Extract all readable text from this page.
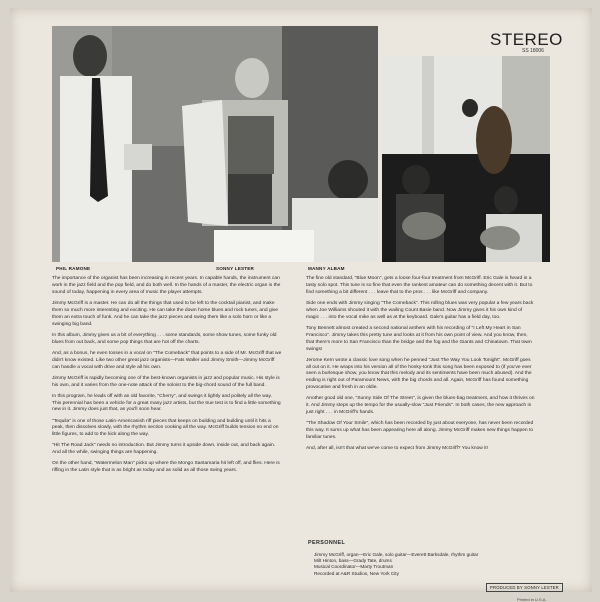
STEREO
SS 18006
PHIL RAMONE	SONNY LESTER	MANNY ALBAM

The importance of the organist has been increasing in recent years. In capable hands, the instrument can work in the jazz field and the pop field, and do both well. In the hands of a master, the electric organ is the sound of today, happening in every area of music the player attempts.

Jimmy McGriff is a master. He can do all the things that used to be left to the cocktail pianist, and make them so much more interesting and exciting. He can take the down home blues and rock tunes, and give them an extra touch of funk. And he can take the jazz pieces and swing them like a solo horn or like a swinging big band.

In this album, Jimmy gives us a bit of everything . . . some standards, some show tunes, some funky old blues from out back, and some pop things that are hot off the charts.

And, as a bonus, he even tosses in a vocal on "The Comeback" that points to a side of Mr. McGriff that we didn't know existed. Like two other great jazz organists—Fats Waller and Jimmy Smith—Jimmy McGriff can handle a vocal with drive and style all his own.

Jimmy McGriff is rapidly becoming one of the best-known organists in jazz and popular music. His style is his own, and it varies from the one-note attack of the soloist to the big-chord sound of the full band.

In this program, he leads off with an old favorite, "Cherry", and swings it lightly and politely all the way. This perennial has been a vehicle for a great many jazz artists, but the true test is to find a little something new in it. Jimmy does just that, as you'll soon hear.

"Tequila" is one of those Latin-Americanish riff pieces that keeps on building and building until it hits a peak, then dissolves slowly, with the rhythm section cooking all the way. McGriff builds tension no end on little figures, to add to the kick along the way.

"Hit The Road Jack" needs no introduction. But Jimmy turns it upside down, inside out, and back again. And all the while, swinging things are happening.

On the other hand, "Watermelon Man" picks up where the Mongo Santamaria hit left off, and flies. Here is riffing in the Latin style that is as bright as today and as solid as all those swing years.

The fine old standard, "Blue Moon", gets a loose four-four treatment from McGriff. Eric Gale is heard in a tasty solo spot. This tune is so fine that even the rankest amateur can do something decent with it. But to find something a bit different . . . leave that to the pros . . . like McGriff and company.

Side one ends with Jimmy singing "The Comeback". This rolling blues was very popular a few years back when Joe Williams shouted it with the wailing Count Basie band. Now Jimmy gives it his own kind of magic . . . into the vocal mike as well as at the keyboard. Gale's guitar has a field day, too.

Tony Bennett almost created a second national anthem with his recording of "I Left My Heart in San Francisco". Jimmy takes this pretty tune and looks at it from his own point of view. And you know, then, that there's more to San Francisco than the bridge and the fog and the Giants and Chinatown. That town swings!

Jerome Kern wrote a classic love song when he penned "Just The Way You Look Tonight". McGriff goes all out on it. He wraps into his version all of the honky-tonk this song has been exposed to (if you've ever seen a burlesque show, you know that this melody and its sentiments have been much abused). And the ending is right out of Paramount News, with the big chords and all. Again, McGriff has found something provocative and fresh in an oldie.

Another good old one, "Sunny Side Of The Street", is given the blues-bag treatment, and how it thrives on it. And Jimmy steps up the tempo for the usually-slow "Just Friends". In both cases, the new approach is just right . . . in McGriff's hands.

"The Shadow Of Your Smile", which has been recorded by just about everyone, has never been recorded this way. It sums up what has been appearing here all along. Jimmy McGriff makes new things happen to familiar tunes.

And, after all, isn't that what we've come to expect from Jimmy McGriff? You know it!

PERSONNEL
Jimmy McGriff, organ—Eric Gale, solo guitar—Everett Barksdale, rhythm guitar
Milt Hinton, bass—Grady Tate, drums
Musical Coordinator—Marty Troutman
Recorded at A&R Studios, New York City
PRODUCED BY SONNY LESTER
Printed in U.S.A.
